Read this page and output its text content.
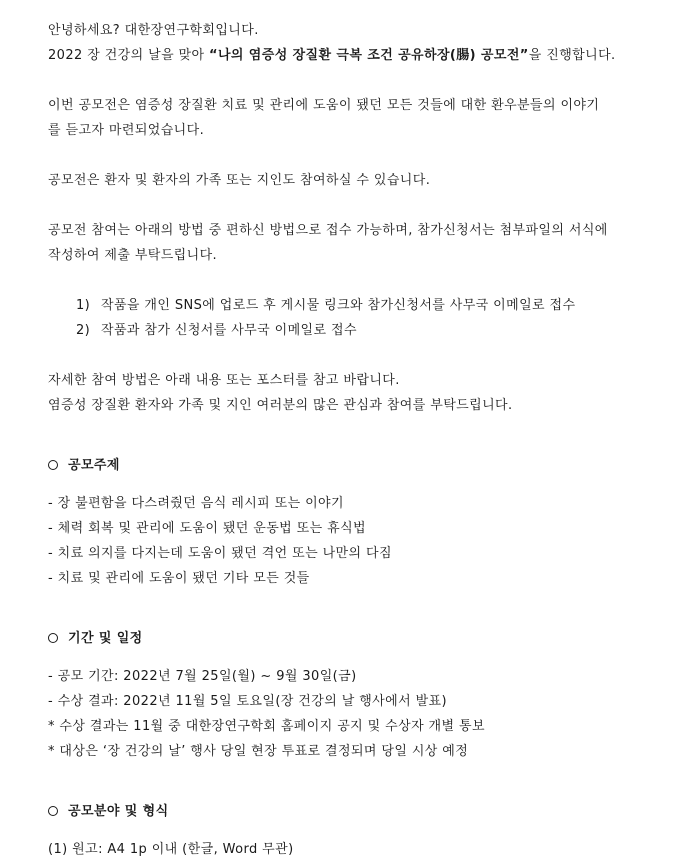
안녕하세요? 대한장연구학회입니다.
2022 장 건강의 날을 맞아 “나의 염증성 장질환 극복 조건 공유하장(腸) 공모전”을 진행합니다.
이번 공모전은 염증성 장질환 치료 및 관리에 도움이 됐던 모든 것들에 대한 환우분들의 이야기
를 듣고자 마련되었습니다.
공모전은 환자 및 환자의 가족 또는 지인도 참여하실 수 있습니다.
공모전 참여는 아래의 방법 중 편하신 방법으로 접수 가능하며, 참가신청서는 첨부파일의 서식에
작성하여 제출 부탁드립니다.
1) 작품을 개인 SNS에 업로드 후 게시물 링크와 참가신청서를 사무국 이메일로 접수
2) 작품과 참가 신청서를 사무국 이메일로 접수
자세한 참여 방법은 아래 내용 또는 포스터를 참고 바랍니다.
염증성 장질환 환자와 가족 및 지인 여러분의 많은 관심과 참여를 부탁드립니다.
공모주제
- 장 불편함을 다스려줬던 음식 레시피 또는 이야기
- 체력 회복 및 관리에 도움이 됐던 운동법 또는 휴식법
- 치료 의지를 다지는데 도움이 됐던 격언 또는 나만의 다짐
- 치료 및 관리에 도움이 됐던 기타 모든 것들
기간 및 일정
- 공모 기간: 2022년 7월 25일(월) ~ 9월 30일(금)
- 수상 결과: 2022년 11월 5일 토요일(장 건강의 날 행사에서 발표)
* 수상 결과는 11월 중 대한장연구학회 홈페이지 공지 및 수상자 개별 통보
* 대상은 ‘장 건강의 날’ 행사 당일 현장 투표로 결정되며 당일 시상 예정
공모분야 및 형식
(1) 원고: A4 1p 이내 (한글, Word 무관)
